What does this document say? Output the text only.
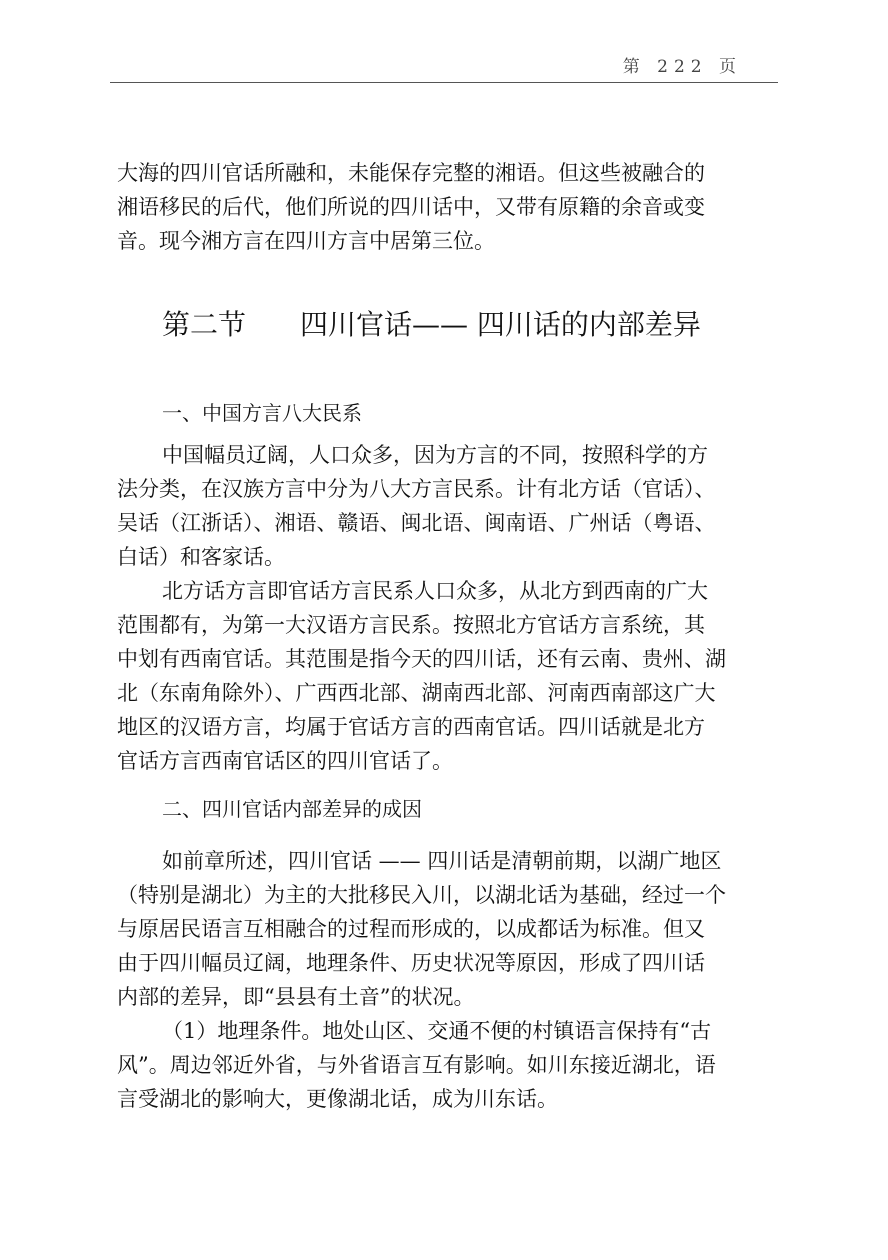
第 222 页

大海的四川官话所融和，未能保存完整的湘语。但这些被融合的

湘语移民的后代，他们所说的四川话中，又带有原籍的余音或变

音。现今湘方言在四川方言中居第三位。

第二节 四川官话—— 四川话的内部差异
一、中国方言八大民系

中国幅员辽阔，人口众多，因为方言的不同，按照科学的方

法分类，在汉族方言中分为八大方言民系。计有北方话（官话）、

吴话（江浙话）、湘语、赣语、闽北语、闽南语、广州话（粤语、

白话）和客家话。

北方话方言即官话方言民系人口众多，从北方到西南的广大

范围都有，为第一大汉语方言民系。按照北方官话方言系统，其

中划有西南官话。其范围是指今天的四川话，还有云南、贵州、湖

北（东南角除外）、广西西北部、湖南西北部、河南西南部这广大

地区的汉语方言，均属于官话方言的西南官话。四川话就是北方

官话方言西南官话区的四川官话了。

二、四川官话内部差异的成因

如前章所述，四川官话 —— 四川话是清朝前期，以湖广地区

（特别是湖北）为主的大批移民入川，以湖北话为基础，经过一个

与原居民语言互相融合的过程而形成的，以成都话为标准。但又

由于四川幅员辽阔，地理条件、历史状况等原因，形成了四川话

内部的差异，即“县县有土音”的状况。

（1）地理条件。地处山区、交通不便的村镇语言保持有“古

风”。周边邻近外省，与外省语言互有影响。如川东接近湖北，语

言受湖北的影响大，更像湖北话，成为川东话。
